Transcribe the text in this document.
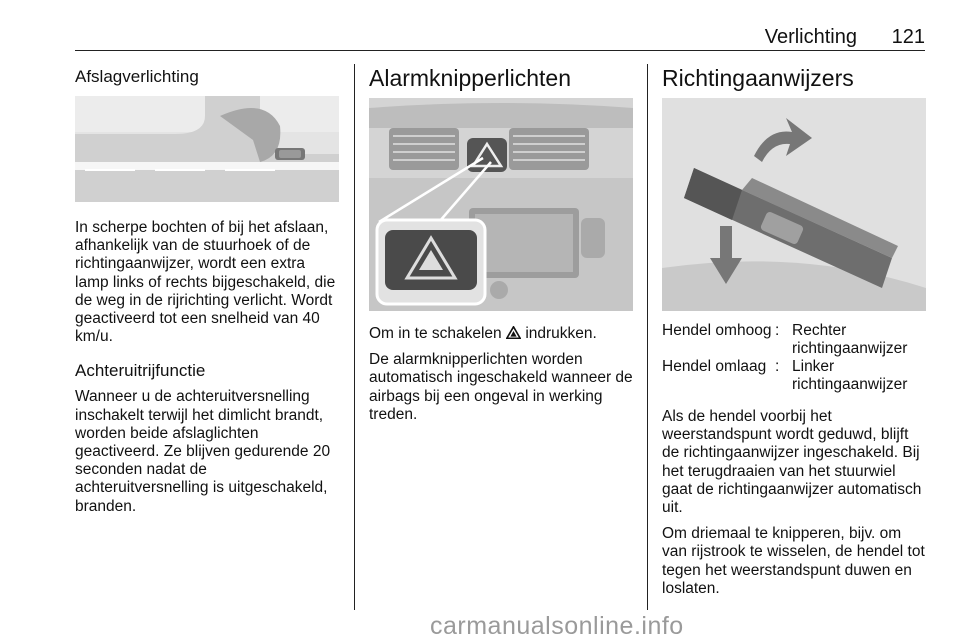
Verlichting 121
Afslagverlichting

In scherpe bochten of bij het afslaan, afhankelijk van de stuurhoek of de richtingaanwijzer, wordt een extra lamp links of rechts bijgeschakeld, die de weg in de rijrichting verlicht. Wordt geactiveerd tot een snelheid van 40 km/u.

Achteruitrijfunctie

Wanneer u de achteruitversnelling inschakelt terwijl het dimlicht brandt, worden beide afslaglichten geactiveerd. Ze blijven gedurende 20 seconden nadat de achteruitversnelling is uitgeschakeld, branden.

Alarmknipperlichten

Om in te schakelen indrukken.

De alarmknipperlichten worden automatisch ingeschakeld wanneer de airbags bij een ongeval in werking treden.

Richtingaanwijzers
Hendel omhoog : Rechter richtingaanwijzer
Hendel omlaag : Linker richtingaanwijzer

Als de hendel voorbij het weerstandspunt wordt geduwd, blijft de richtingaanwijzer ingeschakeld. Bij het terugdraaien van het stuurwiel gaat de richtingaanwijzer automatisch uit.

Om driemaal te knipperen, bijv. om van rijstrook te wisselen, de hendel tot tegen het weerstandspunt duwen en loslaten.

carmanualsonline.info
